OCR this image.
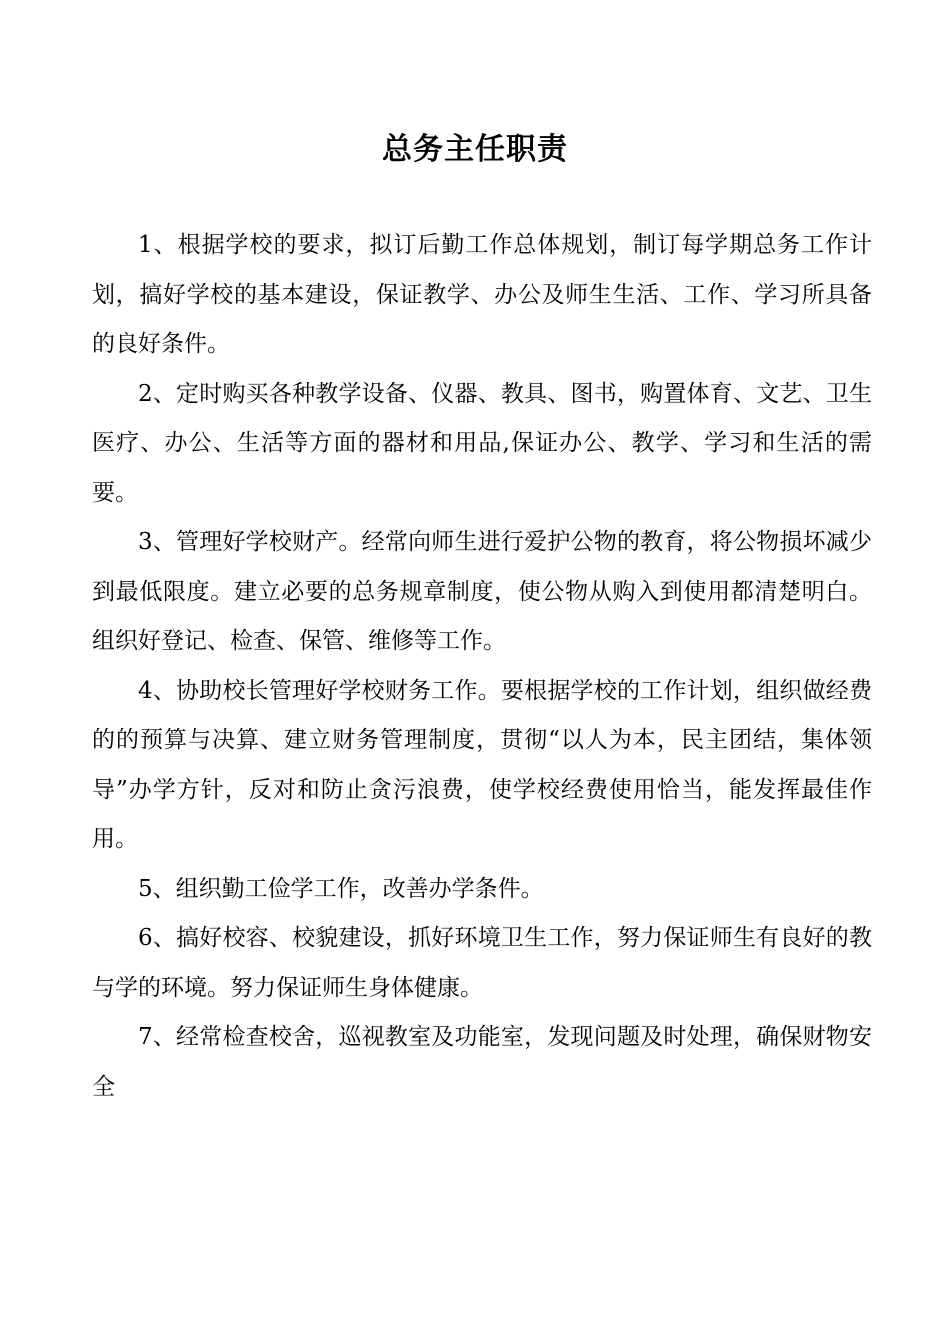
总务主任职责

1、根据学校的要求，拟订后勤工作总体规划，制订每学期总务工作计划，搞好学校的基本建设，保证教学、办公及师生生活、工作、学习所具备的良好条件。

2、定时购买各种教学设备、仪器、教具、图书，购置体育、文艺、卫生医疗、办公、生活等方面的器材和用品,保证办公、教学、学习和生活的需要。

3、管理好学校财产。经常向师生进行爱护公物的教育，将公物损坏减少到最低限度。建立必要的总务规章制度，使公物从购入到使用都清楚明白。组织好登记、检查、保管、维修等工作。

4、协助校长管理好学校财务工作。要根据学校的工作计划，组织做经费的的预算与决算、建立财务管理制度，贯彻“以人为本，民主团结，集体领导”办学方针，反对和防止贪污浪费，使学校经费使用恰当，能发挥最佳作用。

5、组织勤工俭学工作，改善办学条件。

6、搞好校容、校貌建设，抓好环境卫生工作，努力保证师生有良好的教与学的环境。努力保证师生身体健康。

7、经常检查校舍，巡视教室及功能室，发现问题及时处理，确保财物安全
